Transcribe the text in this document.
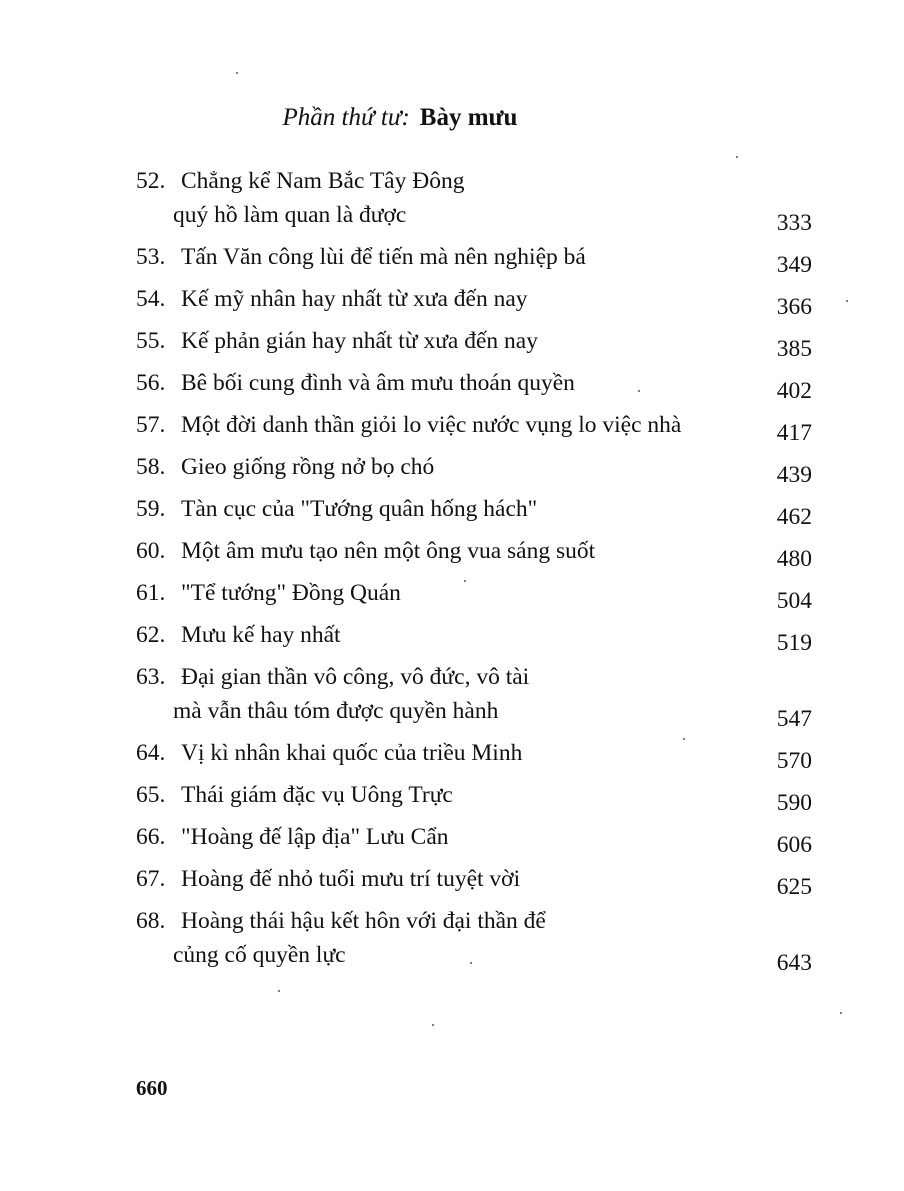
Phần thứ tư: Bày mưu
52. Chẳng kể Nam Bắc Tây Đông
quý hồ làm quan là được	333
53. Tấn Văn công lùi để tiến mà nên nghiệp bá	349
54. Kế mỹ nhân hay nhất từ xưa đến nay	366
55. Kế phản gián hay nhất từ xưa đến nay	385
56. Bê bối cung đình và âm mưu thoán quyền	402
57. Một đời danh thần giỏi lo việc nước vụng lo việc nhà	417
58. Gieo giống rồng nở bọ chó	439
59. Tàn cục của "Tướng quân hống hách"	462
60. Một âm mưu tạo nên một ông vua sáng suốt	480
61. "Tể tướng" Đồng Quán	504
62. Mưu kế hay nhất	519
63. Đại gian thần vô công, vô đức, vô tài
mà vẫn thâu tóm được quyền hành	547
64. Vị kì nhân khai quốc của triều Minh	570
65. Thái giám đặc vụ Uông Trực	590
66. "Hoàng đế lập địa" Lưu Cẩn	606
67. Hoàng đế nhỏ tuổi mưu trí tuyệt vời	625
68. Hoàng thái hậu kết hôn với đại thần để
củng cố quyền lực	643
660
